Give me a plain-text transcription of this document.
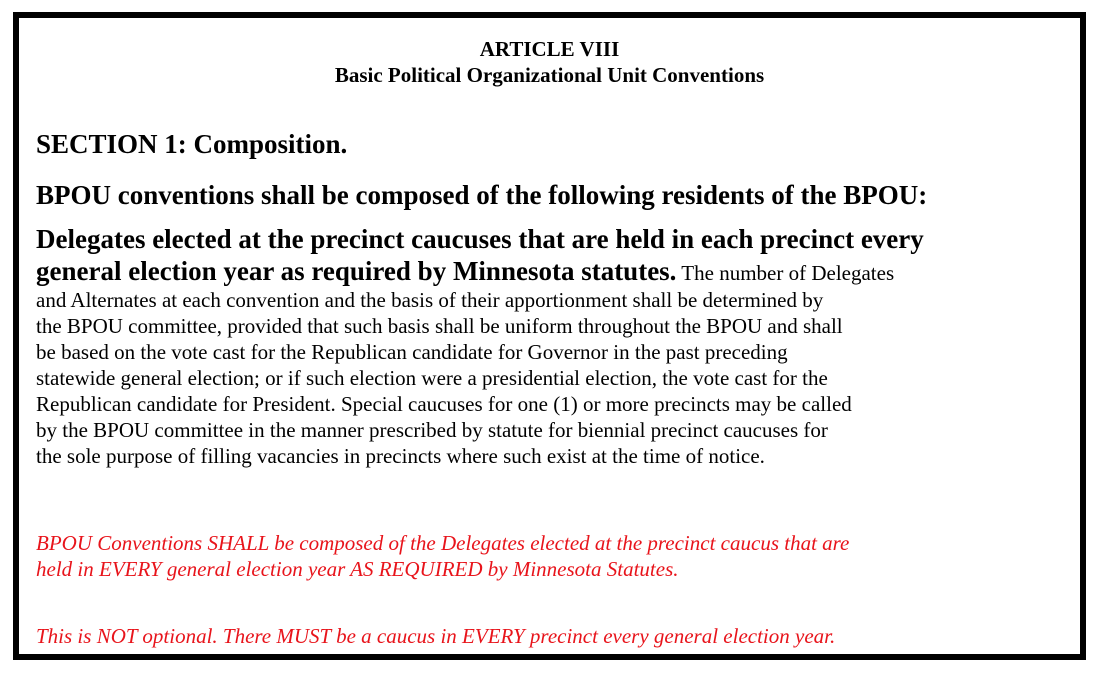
ARTICLE VIII
Basic Political Organizational Unit Conventions
SECTION 1: Composition.
BPOU conventions shall be composed of the following residents of the BPOU:
Delegates elected at the precinct caucuses that are held in each precinct every
general election year as required by Minnesota statutes. The number of Delegates
and Alternates at each convention and the basis of their apportionment shall be determined by
the BPOU committee, provided that such basis shall be uniform throughout the BPOU and shall
be based on the vote cast for the Republican candidate for Governor in the past preceding
statewide general election; or if such election were a presidential election, the vote cast for the
Republican candidate for President. Special caucuses for one (1) or more precincts may be called
by the BPOU committee in the manner prescribed by statute for biennial precinct caucuses for
the sole purpose of filling vacancies in precincts where such exist at the time of notice.
BPOU Conventions SHALL be composed of the Delegates elected at the precinct caucus that are
held in EVERY general election year AS REQUIRED by Minnesota Statutes.
This is NOT optional. There MUST be a caucus in EVERY precinct every general election year.
